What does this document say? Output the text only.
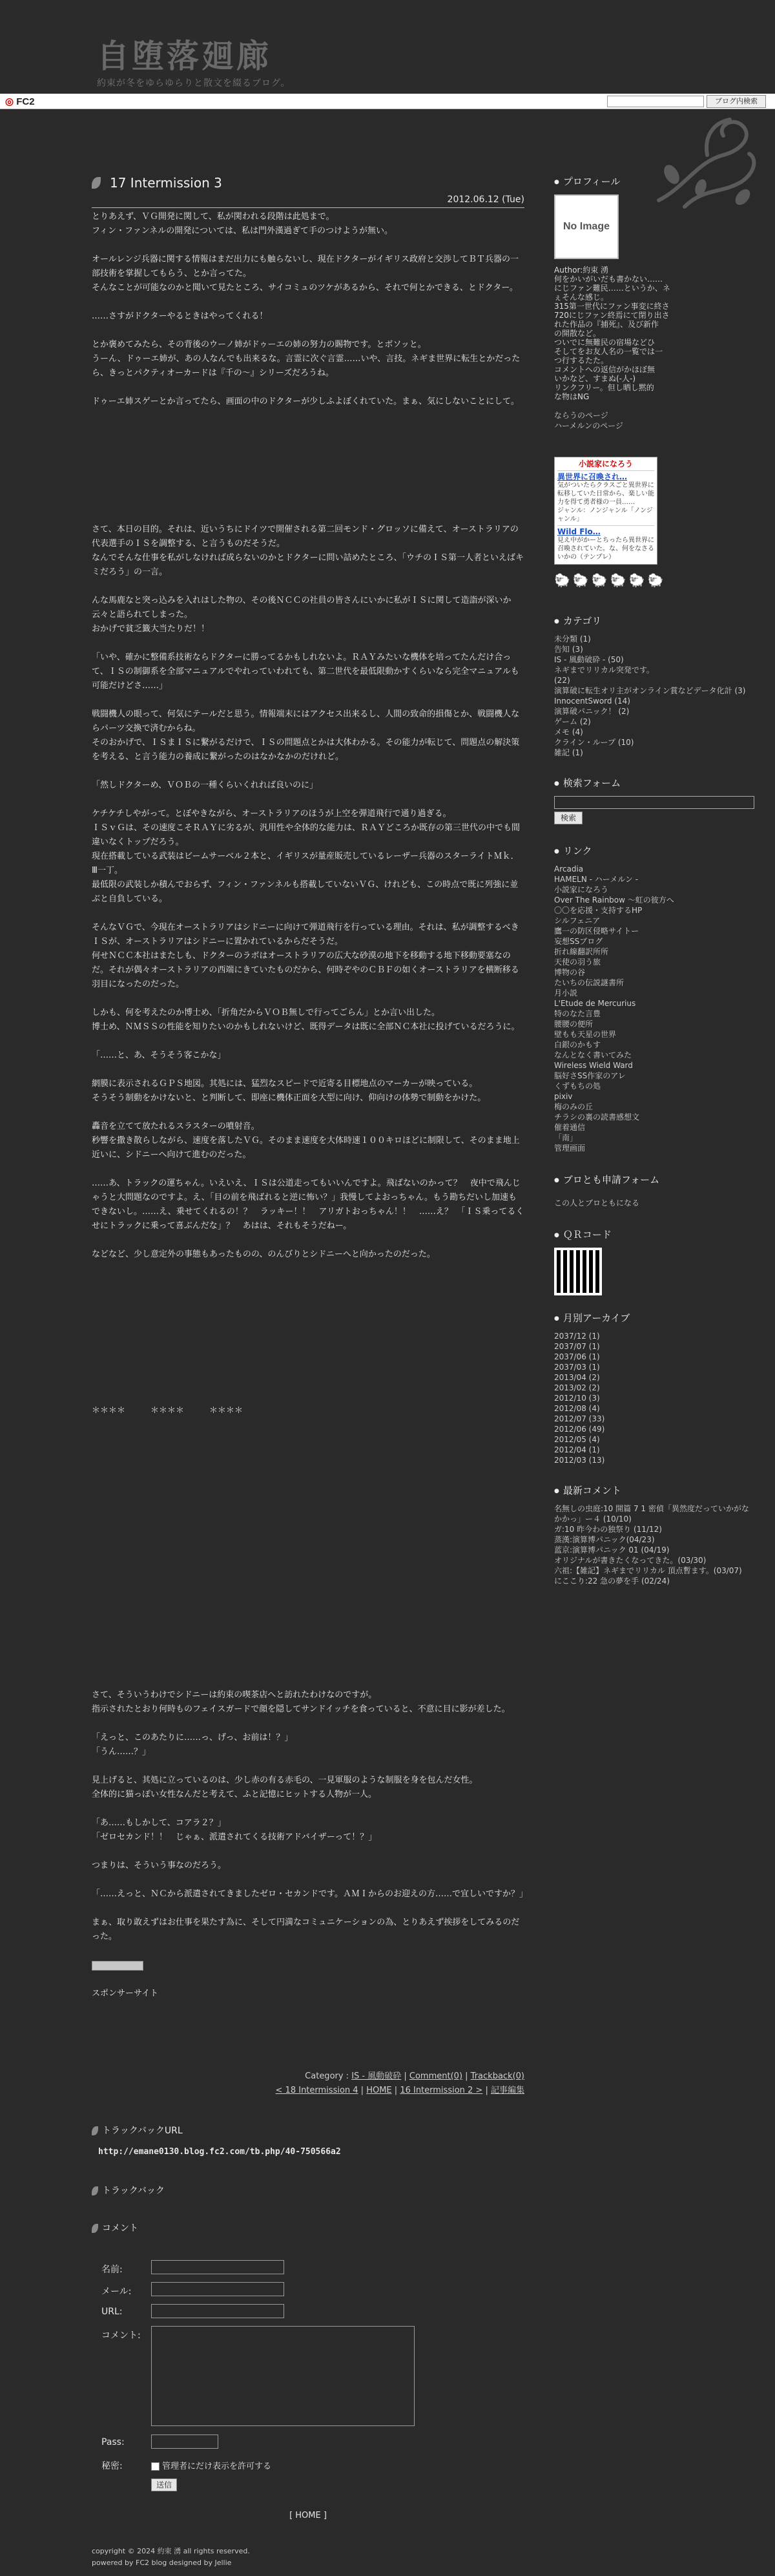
自堕落廻廊
約束が冬をゆらゆらりと散文を綴るブログ。
◎ FC2	ブログ内検索
17 Intermission 3
2012.06.12 (Tue)

とりあえず、ＶＧ開発に関して、私が関われる段階は此処まで。

フィン・ファンネルの開発については、私は門外漢過ぎて手のつけようが無い。

オールレンジ兵器に関する情報はまだ出力にも触らないし、現在ドクターがイギリス政府と交渉してＢＴ兵器の一部技術を掌握してもらう、とか言ってた。

そんなことが可能なのかと聞いて見たところ、サイコミュのツケがあるから、それで何とかできる、とドクター。

……さすがドクターやるときはやってくれる！

とか褒めてみたら、その背後のウーノ姉がドゥーエの姉の努力の賜物です。とボソッと。

うーん、ドゥーエ姉が、あの人なんでも出来るな。言霊に次ぐ言霊……いや、言技。ネギま世界に転生とかだったら、きっとパクティオーカードは『千の～』シリーズだろうね。

ドゥーエ姉スゲーとか言ってたら、画面の中のドクターが少しふよぼくれていた。まぁ、気にしないことにして。

さて、本日の目的。それは、近いうちにドイツで開催される第二回モンド・グロッソに備えて、オーストラリアの代表選手のＩＳを調整する、と言うものだそうだ。

なんでそんな仕事を私がしなければ成らないのかとドクターに問い詰めたところ、「ウチのＩＳ第一人者といえばキミだろう」の一言。

んな馬鹿なと突っ込みを入れはした物の、その後ＮＣＣの社員の皆さんにいかに私がＩＳに関して造詣が深いか云々と語られてしまった。

おかげで貧乏籤大当たりだ！！

「いや、確かに整備系技術ならドクターに勝ってるかもしれないよ。ＲＡＹみたいな機体を培ってたんだけ合って、ＩＳの制御系を全部マニュアルでやれっていわれても、第二世代を最低限動かすくらいなら完全マニュアルも可能だけどさ……」

戦闘機人の眼って、何気にテールだと思う。情報端末にはアクセス出来るし、人間の致命的損傷とか、戦闘機人ならパーツ交換で済むからね。

そのおかげで、ＩＳまＩＳに繋がるだけで、ＩＳの問題点とかは大体わかる。その能力が転じて、問題点の解決策を考える、と言う能力の養成に繋がったのはなかなかのだけれど。

「然しドクターめ、ＶＯＢの一種くらいくれれば良いのに」

ケチケチしやがって。とぼやきながら、オーストラリアのほうが上空を弾道飛行で通り過ぎる。

ＩＳｖＧは、その速度こそＲＡＹに劣るが、汎用性や全体的な能力は、ＲＡＹどころか既存の第三世代の中でも間違いなくトップだろう。

現在搭載している武装はビームサーベル２本と、イギリスが量産販売しているレーザー兵器のスターライトＭｋ．Ⅲ一丁。

最低限の武装しか積んでおらず、フィン・ファンネルも搭載していないＶＧ、けれども、この時点で既に列強に並ぶと自負している。

そんなＶＧで、今現在オーストラリアはシドニーに向けて弾道飛行を行っている理由。それは、私が調整するべきＩＳが、オーストラリアはシドニーに置かれているからだそうだ。

何せＮＣＣ本社はまたしも、ドクターのラボはオーストラリアの広大な砂漠の地下を移動する地下移動要塞なのだ。それが偶々オーストラリアの西端にきていたものだから、何時ぞやのＣＢＦの如くオーストラリアを横断移る羽目になったのだった。

しかも、何を考えたのか博士め、「折角だからＶＯＢ無しで行ってごらん」とか言い出した。

博士め、ＮＭＳＳの性能を知りたいのかもしれないけど、既得データは既に全部ＮＣ本社に投げているだろうに。

「……と、あ、そうそう客こかな」

網膜に表示されるＧＰＳ地図。其処には、猛烈なスピードで近寄る目標地点のマーカーが映っている。

そうそう制動をかけないと、と判断して、即座に機体正面を大型に向け、仰向けの体勢で制動をかけた。

轟音を立てて放たれるスラスターの噴射音。

秒響を撒き散らしながら、速度を落したＶＧ。そのまま速度を大体時速１００キロほどに制限して、そのまま地上近いに、シドニーへ向けて進むのだった。

……あ、トラックの運ちゃん。いえいえ、ＩＳは公道走ってもいいんですよ。飛ばないのかって？　夜中で飛んじゃうと大問題なのですよ。え、「目の前を飛ばれると逆に怖い？」我慢してよおっちゃん。もう勘ちだいし加速もできないし。……え、乗せてくれるの！？　ラッキー！！　アリガトおっちゃん！！　……え？　「ＩＳ乗ってるくせにトラックに乗って喜ぶんだな」？　あはは、それもそうだねー。

などなど、少し意定外の事態もあったものの、のんびりとシドニーへと向かったのだった。

＊＊＊＊　　　＊＊＊＊　　　＊＊＊＊

さて、そういうわけでシドニーは約束の喫茶店へと訪れたわけなのですが。

指示されたとおり何時ものフェイスガードで顔を隠してサンドイッチを食っていると、不意に目に影が差した。

「えっと、このあたりに……っ、げっ、お前は！？」

「うん……？」

見上げると、其処に立っているのは、少し赤の有る赤毛の、一見軍服のような制服を身を包んだ女性。

全体的に猫っぽい女性なんだと考えて、ふと記憶にヒットする人物が一人。

「あ……もしかして、コアラ２？」

「ゼロセカンド！！　じゃぁ、派遣されてくる技術アドバイザーって！？」

つまりは、そういう事なのだろう。

「……えっと、ＮＣから派遣されてきましたゼロ・セカンドです。ＡＭＩからのお迎えの方……で宜しいですか？」

まぁ、取り敢えずはお仕事を果たす為に、そして円満なコミュニケーションの為、とりあえず挨拶をしてみるのだった。

スポンサーサイト
Category : IS - 風動破砕 | Comment(0) | Trackback(0)
< 18 Intermission 4 | HOME | 16 Intermission 2 > | 記事編集
トラックバックURL
http://emane0130.blog.fc2.com/tb.php/40-750566a2
トラックバック
コメント
名前:
メール:
URL:
コメント:
Pass:
秘密:	管理者にだけ表示を許可する
送信
[ HOME ]
● プロフィール
No Image
Author:約束 湧
何をかいがいだも書かない……
にじファン難民……というか、ネ
ぇそんな感じ。
315第一世代にファン事変に終さ
720にじファン終焉にて閉り出さ
れた作品の『捕死』、及び新作
の開散など。
ついでに無難民の宿場などひ
そしてをお友人名の一覧では一
つ行するたた。
コメントへの返信がかほぼ無
いかなど、すまぬ(-人-)
リンクフリー。但し晒し黙的
な物はNG
ならうのページ
ハーメルンのページ
小説家になろう
異世界に召喚され…
気がついたらクラスごと異世界に転移していた日常から、楽しい能力を得て勇者様の一員……
ジャンル：ノンジャンル「ノンジャンル」
Wild Flo…
見え中がかーとちったら異世界に召喚されていた。な、何をなさるいかの（テンプレ）
🐑🐑🐑🐑🐑🐑
● カテゴリ
未分類 (1)
告知 (3)
IS - 風動破砕 - (50)
ネギまでリリカル突発です。
(22)
演算破に転生オリ主がオンライン賞などデータ化計 (3)
InnocentSword (14)
演算破パニック！ (2)
ゲーム (2)
メモ (4)
クライン・ループ (10)
雑記 (1)
● 検索フォーム
検索
● リンク
Arcadia
HAMELN - ハーメルン -
小説家になろう
Over The Rainbow ～虹の彼方へ
〇〇を応援・支持するHP
シルフェニア
鷹一の防区侵略サイトー
妄想SSブログ
折れ線翻訳所所
天使の羽う旅
博物の谷
たいちの伝説謎書所
月小説
L'Etude de Mercurius
特のなた言豊
腰腰の便所
壁もも天星の世界
白銀のかもす
なんとなく書いてみた
Wireless Wield Ward
脳好さSS作家のアレ
くずもちの処
pixiv
梅のみの丘
チラシの裏の読書感想文
催着通信
「南」
管理画面
● ブロとも申請フォーム
この人とブロともになる
● ＱＲコード
● 月別アーカイブ
2037/12 (1)
2037/07 (1)
2037/06 (1)
2037/03 (1)
2013/04 (2)
2013/02 (2)
2012/10 (3)
2012/08 (4)
2012/07 (33)
2012/06 (49)
2012/05 (4)
2012/04 (1)
2012/03 (13)
● 最新コメント
名無しの虫庭:10 開篇 7 1 密偵「異然度だっていかがなかかっ」ー４ (10/10)
ガ:10 昨今わの独祭り (11/12)
蒸漢:演算博パニック(04/23)
蓝京:演算博パニック 01 (04/19)
オリジナルが書きたくなってきた。(03/30)
六祖:【雑記】ネギまでリリカル 頂点暫ます。(03/07)
にここり:22 急の夢を手 (02/24)
copyright © 2024 約束 湧 all rights reserved.
powered by FC2 blog designed by Jellie
